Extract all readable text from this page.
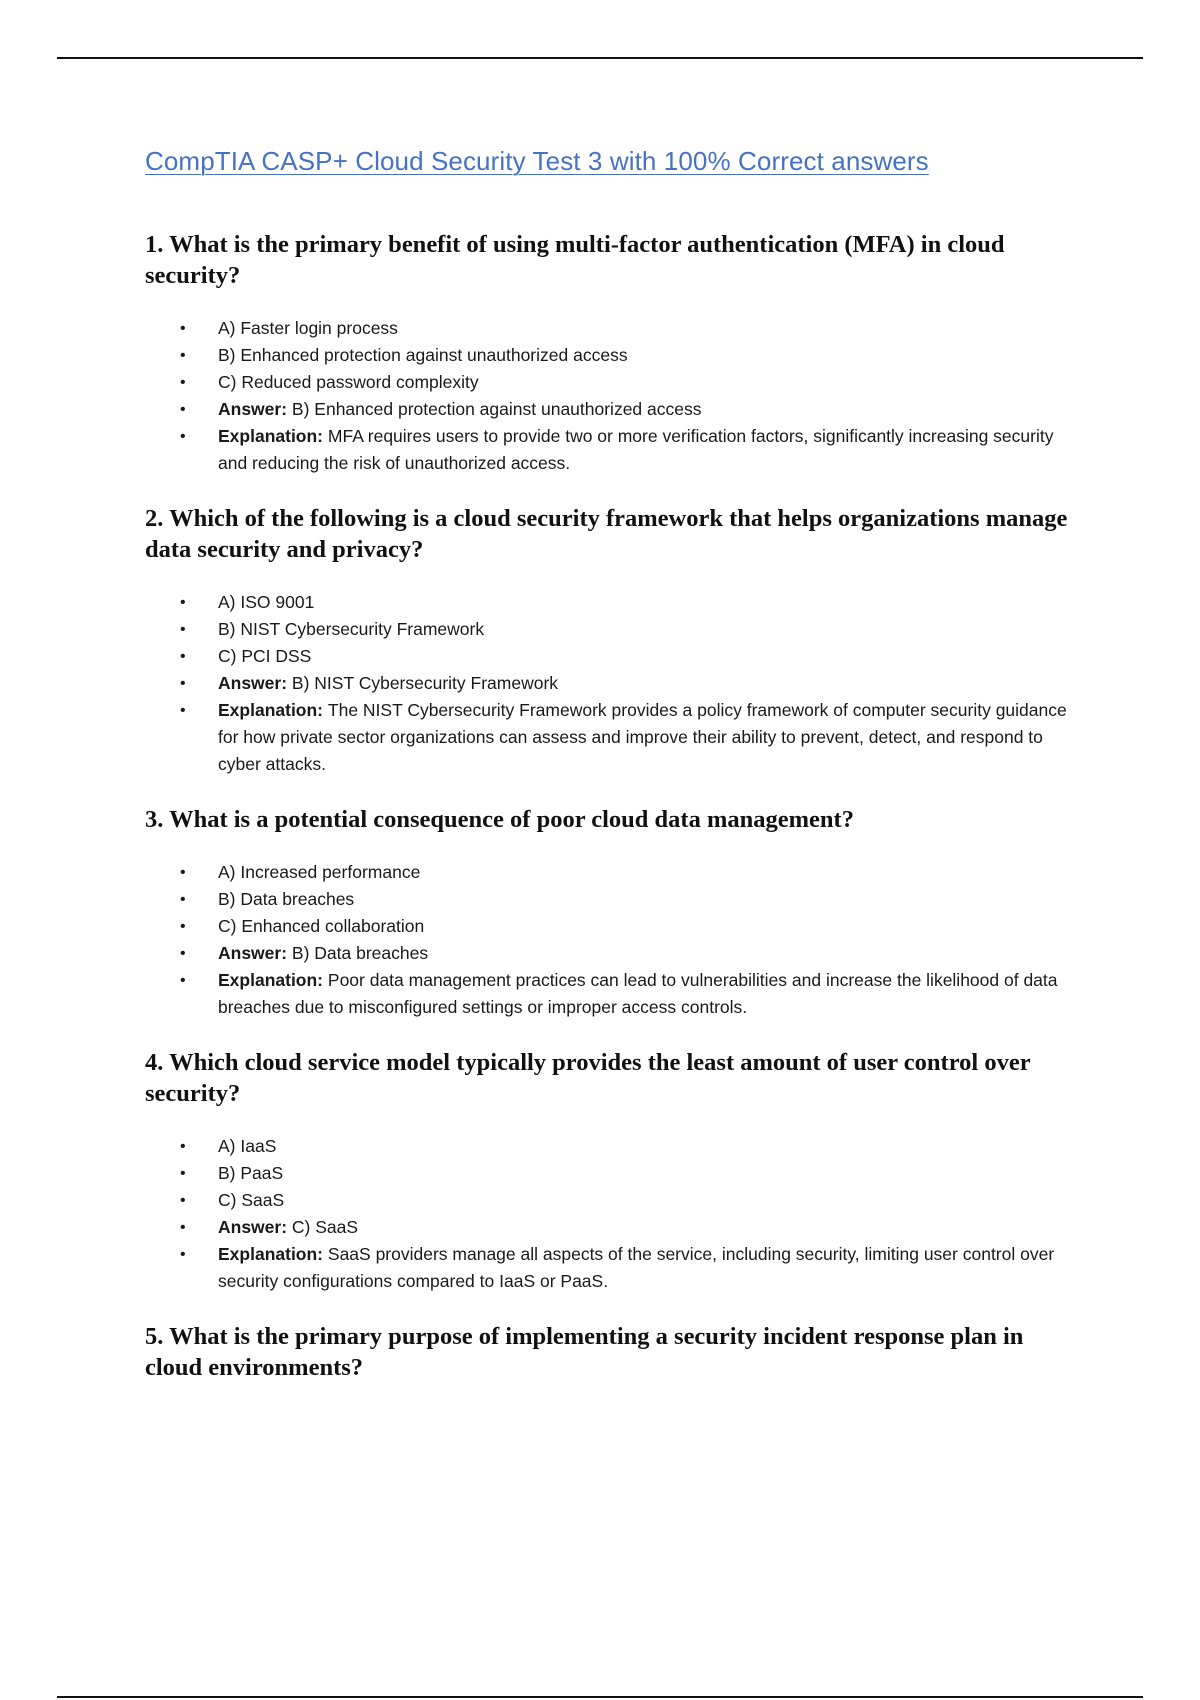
CompTIA CASP+ Cloud Security Test 3 with 100% Correct answers
1 . What is the primary benefit of using multi-factor authentication (MFA) in cloud security?
• A) Faster login process
• B) Enhanced protection against unauthorized access
• C) Reduced password complexity
• Answer: B) Enhanced protection against unauthorized access
• Explanation: MFA requires users to provide two or more verification factors, significantly increasing security and reducing the risk of unauthorized access.
2 . Which of the following is a cloud security framework that helps organizations manage data security and privacy?
• A) ISO 9001
• B) NIST Cybersecurity Framework
• C) PCI DSS
• Answer: B) NIST Cybersecurity Framework
• Explanation: The NIST Cybersecurity Framework provides a policy framework of computer security guidance for how private sector organizations can assess and improve their ability to prevent, detect, and respond to cyber attacks.
3 . What is a potential consequence of poor cloud data management?
• A) Increased performance
• B) Data breaches
• C) Enhanced collaboration
• Answer: B) Data breaches
• Explanation: Poor data management practices can lead to vulnerabilities and increase the likelihood of data breaches due to misconfigured settings or improper access controls.
4 . Which cloud service model typically provides the least amount of user control over security?
• A) IaaS
• B) PaaS
• C) SaaS
• Answer: C) SaaS
• Explanation: SaaS providers manage all aspects of the service, including security, limiting user control over security configurations compared to IaaS or PaaS.
5 . What is the primary purpose of implementing a security incident response plan in cloud environments?
